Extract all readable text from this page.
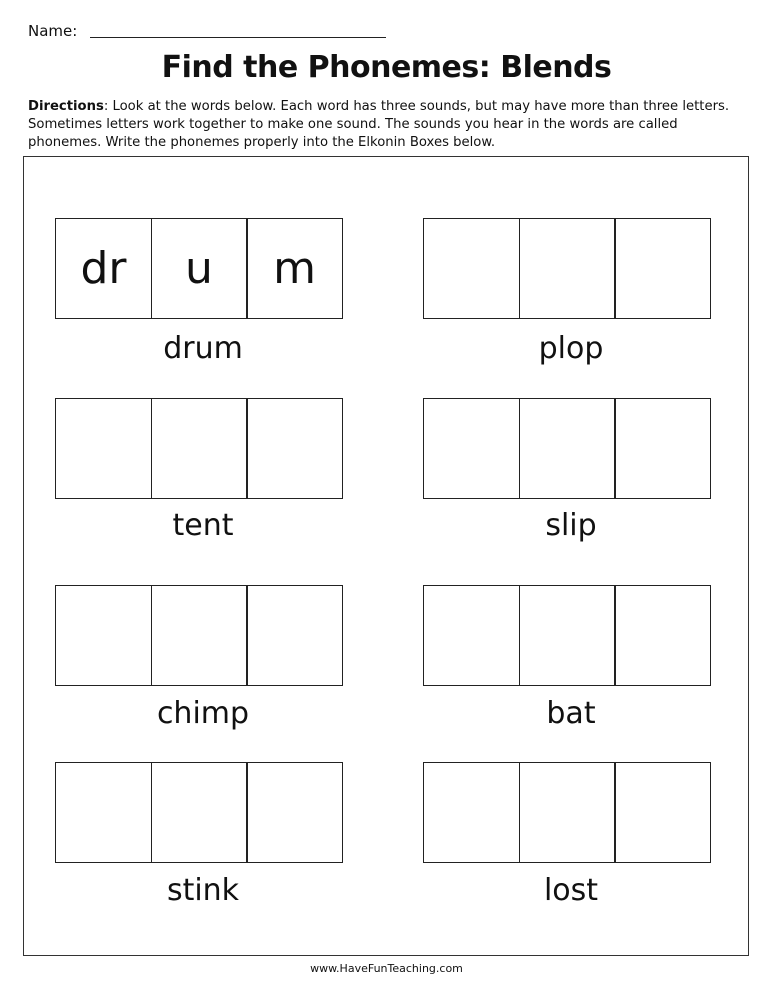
Name:
Find the Phonemes: Blends
Directions: Look at the words below. Each word has three sounds, but may have more than three letters. Sometimes letters work together to make one sound. The sounds you hear in the words are called phonemes. Write the phonemes properly into the Elkonin Boxes below.
dr	u	m
drum	plop
tent	slip
chimp	bat
stink	lost
www.HaveFunTeaching.com
